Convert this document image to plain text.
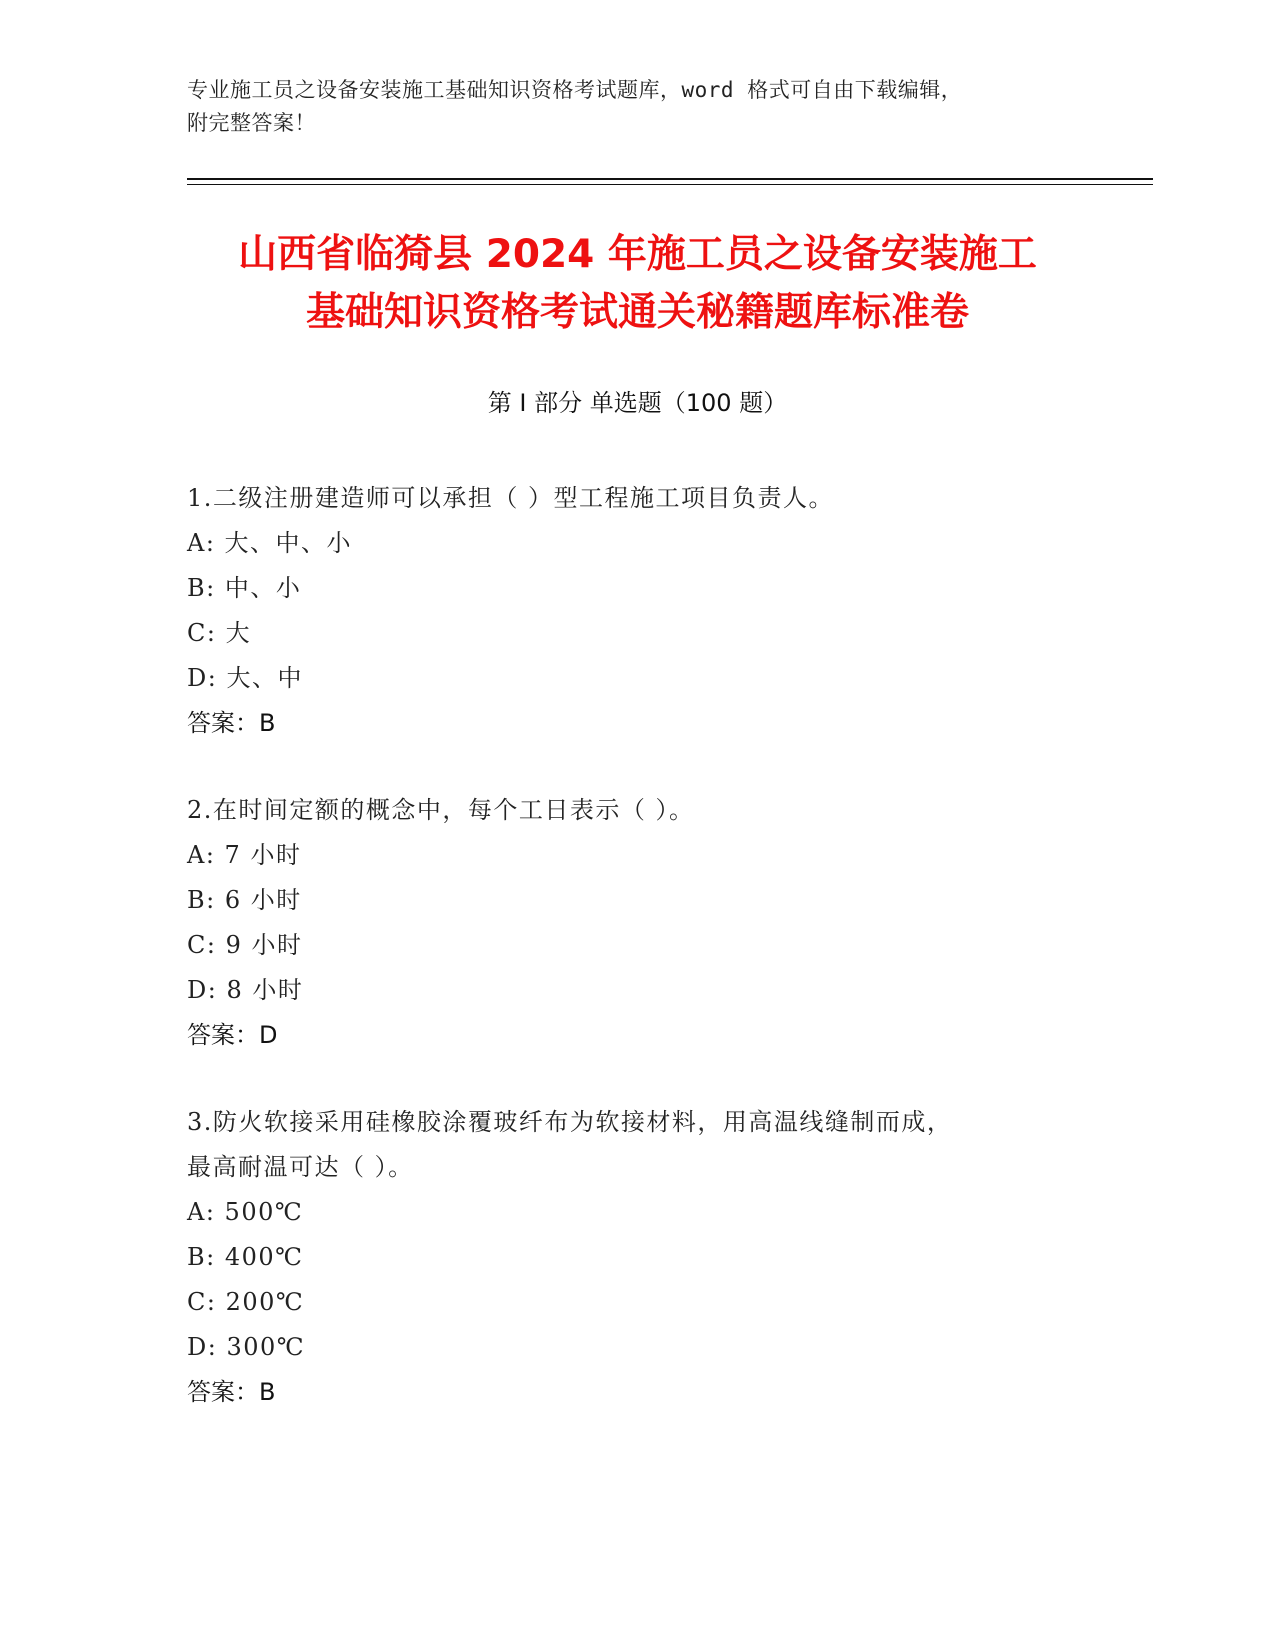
专业施工员之设备安装施工基础知识资格考试题库，word 格式可自由下载编辑，
附完整答案！
山西省临猗县 2024 年施工员之设备安装施工
基础知识资格考试通关秘籍题库标准卷
第 I 部分 单选题（100 题）
1.二级注册建造师可以承担（ ）型工程施工项目负责人。
A: 大、中、小
B: 中、小
C: 大
D: 大、中
答案：B
2.在时间定额的概念中，每个工日表示（ ）。
A: 7 小时
B: 6 小时
C: 9 小时
D: 8 小时
答案：D
3.防火软接采用硅橡胶涂覆玻纤布为软接材料，用高温线缝制而成，
最高耐温可达（ ）。
A: 500℃
B: 400℃
C: 200℃
D: 300℃
答案：B
